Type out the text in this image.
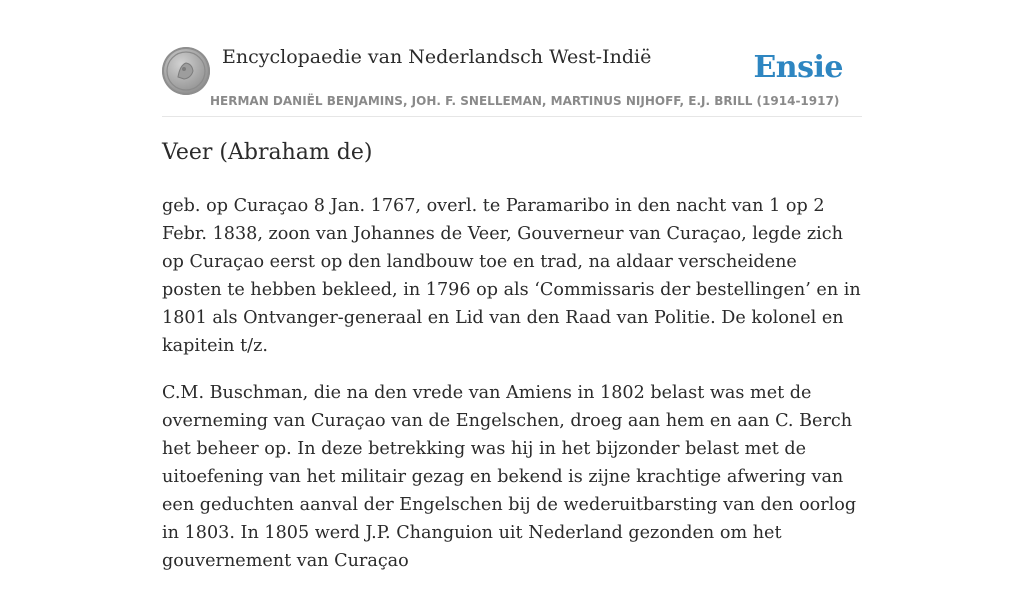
Encyclopaedie van Nederlandsch West-Indië	Ensie
HERMAN DANIËL BENJAMINS, JOH. F. SNELLEMAN, MARTINUS NIJHOFF, E.J. BRILL (1914-1917)
Veer (Abraham de)

geb. op Curaçao 8 Jan. 1767, overl. te Paramaribo in den nacht van 1 op 2 Febr. 1838, zoon van Johannes de Veer, Gouverneur van Curaçao, legde zich op Curaçao eerst op den landbouw toe en trad, na aldaar verscheidene posten te hebben bekleed, in 1796 op als ‘Commissaris der bestellingen’ en in 1801 als Ontvanger-generaal en Lid van den Raad van Politie. De kolonel en kapitein t/z.

C.M. Buschman, die na den vrede van Amiens in 1802 belast was met de overneming van Curaçao van de Engelschen, droeg aan hem en aan C. Berch het beheer op. In deze betrekking was hij in het bijzonder belast met de uitoefening van het militair gezag en bekend is zijne krachtige afwering van een geduchten aanval der Engelschen bij de wederuitbarsting van den oorlog in 1803. In 1805 werd J.P. Changuion uit Nederland gezonden om het gouvernement van Curaçao
